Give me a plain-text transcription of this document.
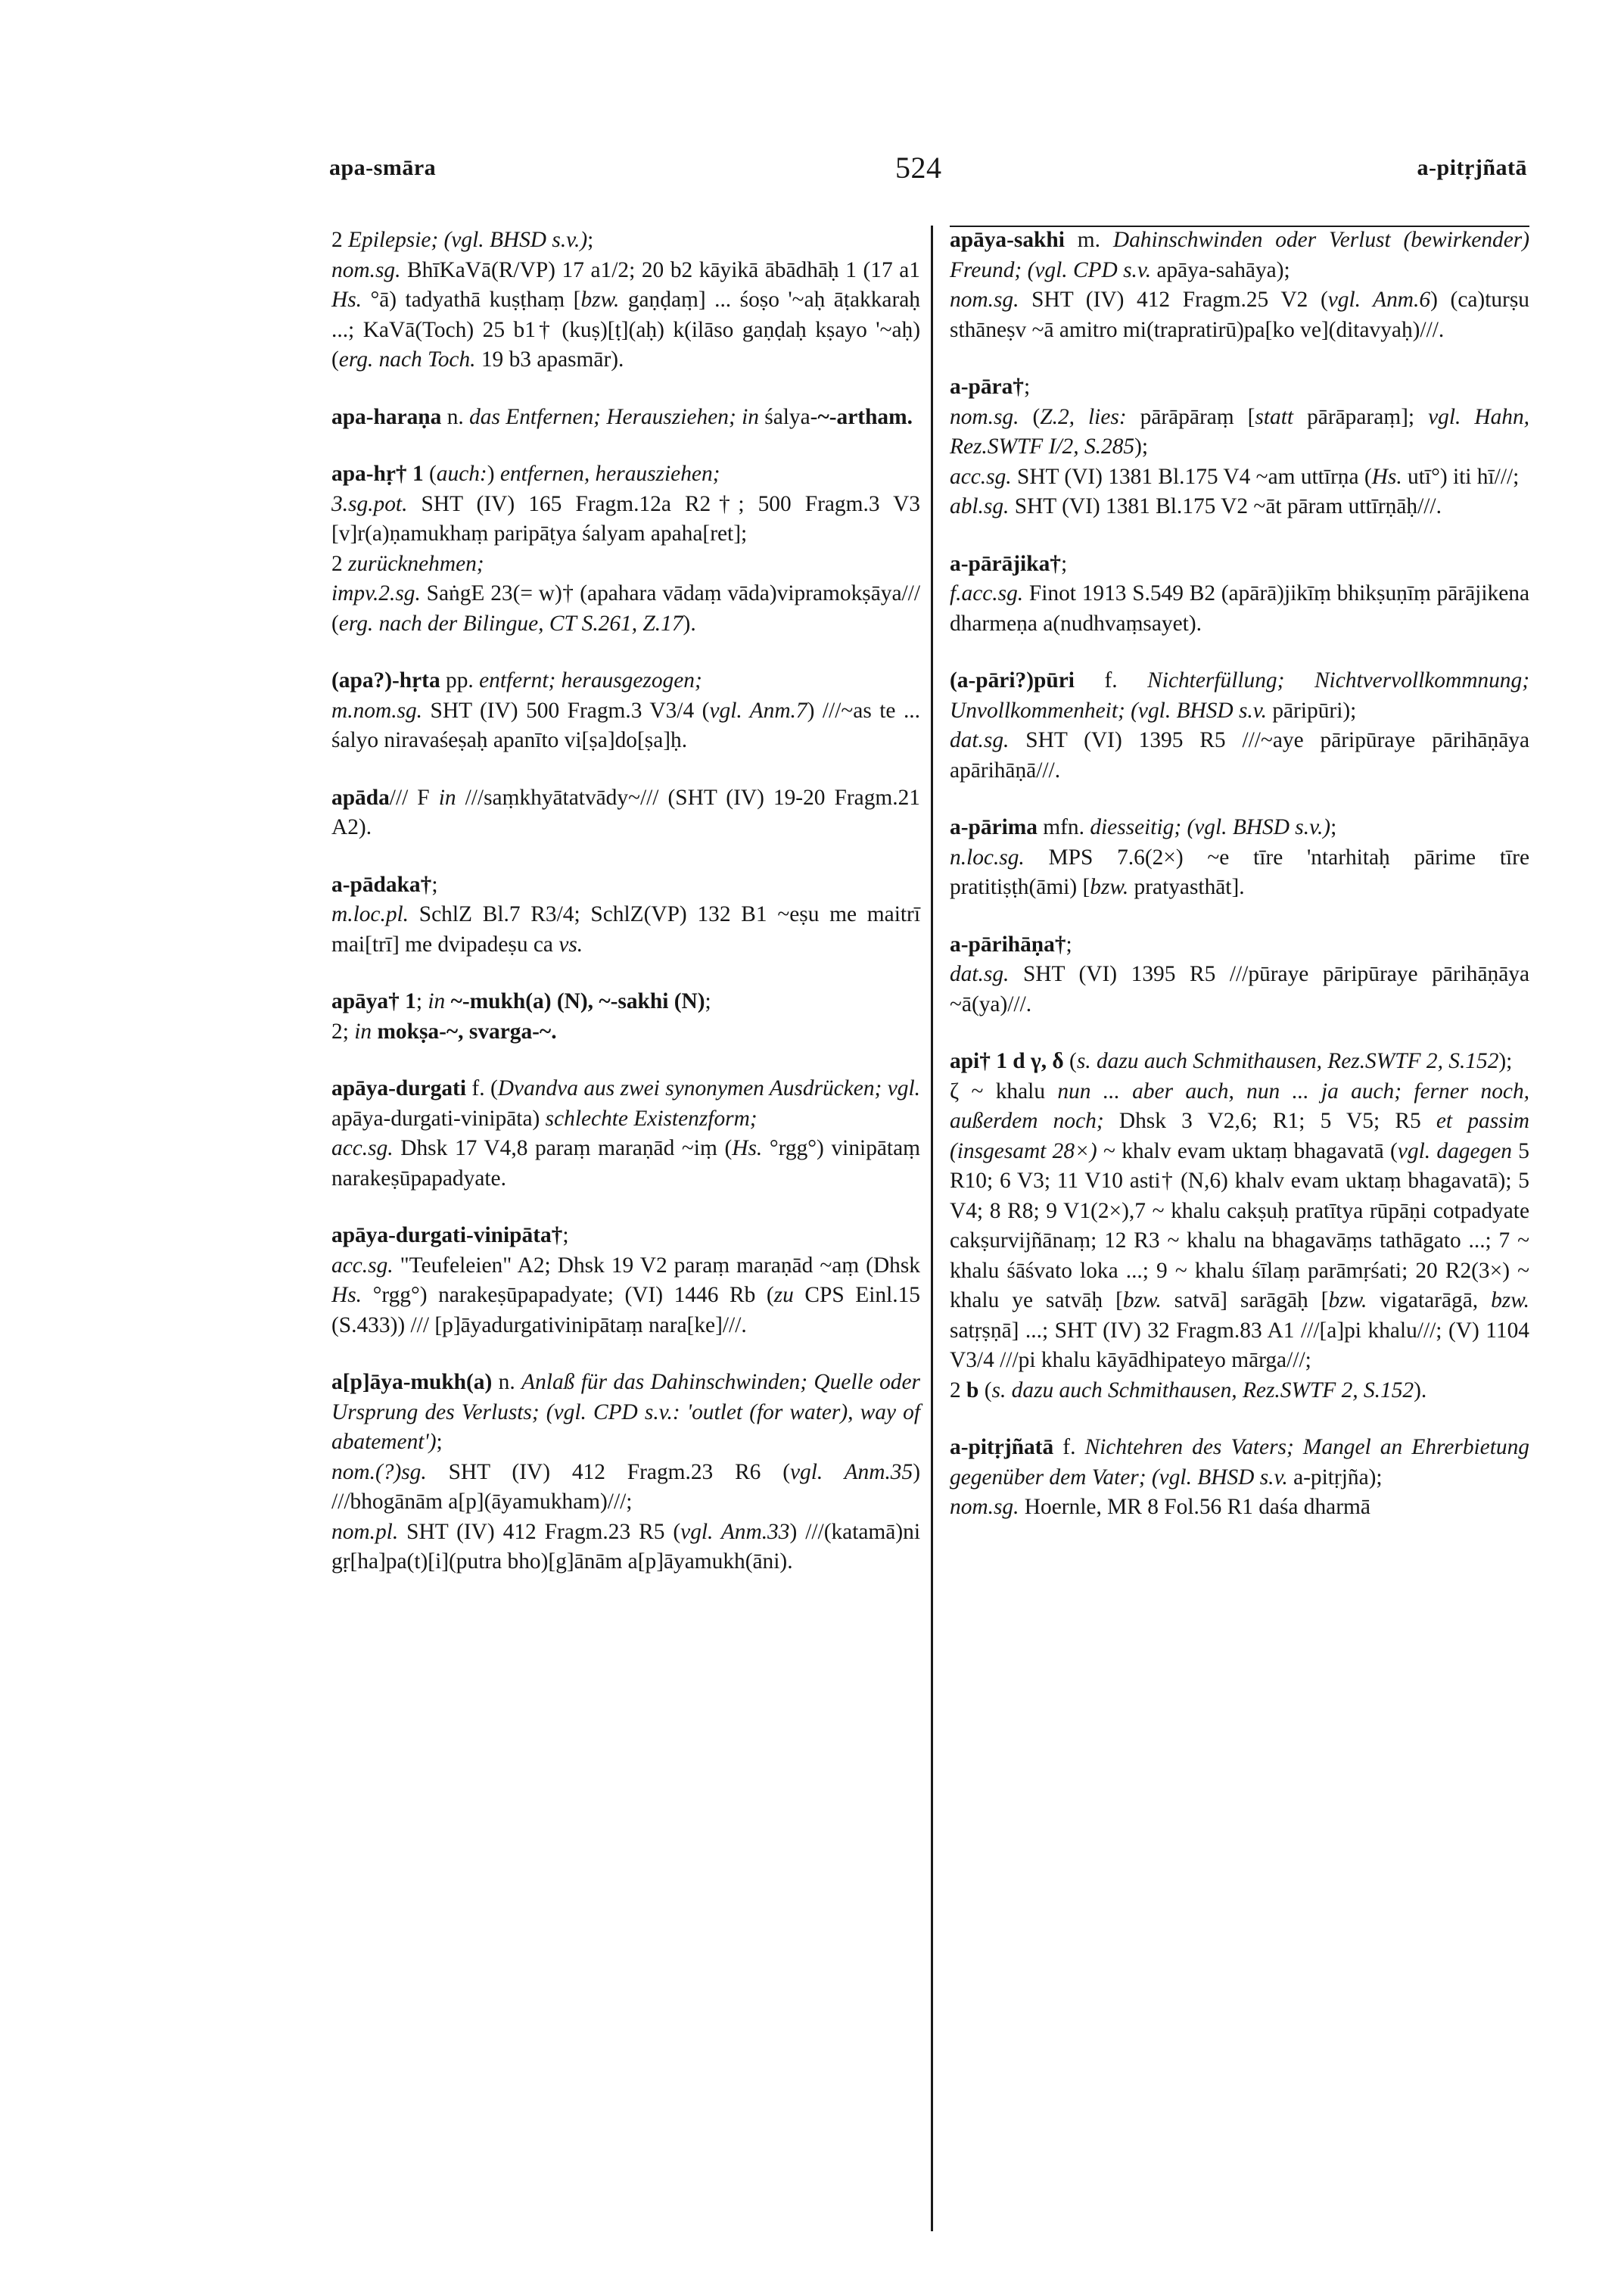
apa-smāra	524	a-pitṛjñatā

2 Epilepsie; (vgl. BHSD s.v.);

nom.sg. BhīKaVā(R/VP) 17 a1/2; 20 b2 kāyikā ābādhāḥ 1 (17 a1 Hs. °ā) tadyathā kuṣṭhaṃ [bzw. gaṇḍaṃ] ... śoṣo '~aḥ āṭakkaraḥ ...; KaVā(Toch) 25 b1† (kuṣ)[ṭ](aḥ) k(ilāso gaṇḍaḥ kṣayo '~aḥ) (erg. nach Toch. 19 b3 apasmār).

apa-haraṇa n. das Entfernen; Herausziehen; in śalya-~-artham.

apa-hṛ† 1 (auch:) entfernen, herausziehen;

3.sg.pot. SHT (IV) 165 Fragm.12a R2†; 500 Fragm.3 V3 [v]r(a)ṇamukhaṃ paripāṭya śalyam apaha[ret];

2 zurücknehmen;

impv.2.sg. SaṅgE 23(= w)† (apahara vādaṃ vāda)vipramokṣāya/// (erg. nach der Bilingue, CT S.261, Z.17).

(apa?)-hṛta pp. entfernt; herausgezogen;

m.nom.sg. SHT (IV) 500 Fragm.3 V3/4 (vgl. Anm.7) ///~as te ... śalyo niravaśeṣaḥ apanīto vi[ṣa]do[ṣa]ḥ.

apāda/// F in ///saṃkhyātatvādy~/// (SHT (IV) 19-20 Fragm.21 A2).

a-pādaka†;

m.loc.pl. SchlZ Bl.7 R3/4; SchlZ(VP) 132 B1 ~eṣu me maitrī mai[trī] me dvipadeṣu ca vs.

apāya† 1; in ~-mukh(a) (N), ~-sakhi (N);

2; in mokṣa-~, svarga-~.

apāya-durgati f. (Dvandva aus zwei synonymen Ausdrücken; vgl. apāya-durgati-vinipāta) schlechte Existenzform;

acc.sg. Dhsk 17 V4,8 paraṃ maraṇād ~iṃ (Hs. °rgg°) vinipātaṃ narakeṣūpapadyate.

apāya-durgati-vinipāta†;

acc.sg. "Teufeleien" A2; Dhsk 19 V2 paraṃ maraṇād ~aṃ (Dhsk Hs. °rgg°) narakeṣūpapadyate; (VI) 1446 Rb (zu CPS Einl.15 (S.433)) /// [p]āyadurgativinipātaṃ nara[ke]///.

a[p]āya-mukh(a) n. Anlaß für das Dahinschwinden; Quelle oder Ursprung des Verlusts; (vgl. CPD s.v.: 'outlet (for water), way of abatement');

nom.(?)sg. SHT (IV) 412 Fragm.23 R6 (vgl. Anm.35) ///bhogānām a[p](āyamukham)///;

nom.pl. SHT (IV) 412 Fragm.23 R5 (vgl. Anm.33) ///(katamā)ni gṛ[ha]pa(t)[i](putra bho)[g]ānām a[p]āyamukh(āni).

apāya-sakhi m. Dahinschwinden oder Verlust (bewirkender) Freund; (vgl. CPD s.v. apāya-sahāya);

nom.sg. SHT (IV) 412 Fragm.25 V2 (vgl. Anm.6) (ca)turṣu sthāneṣv ~ā amitro mi(trapratirū)pa[ko ve](ditavyaḥ)///.

a-pāra†;

nom.sg. (Z.2, lies: pārāpāraṃ [statt pārāparaṃ]; vgl. Hahn, Rez.SWTF I/2, S.285);

acc.sg. SHT (VI) 1381 Bl.175 V4 ~am uttīrṇa (Hs. utī°) iti hī///;

abl.sg. SHT (VI) 1381 Bl.175 V2 ~āt pāram uttīrṇāḥ///.

a-pārājika†;

f.acc.sg. Finot 1913 S.549 B2 (apārā)jikīṃ bhikṣuṇīṃ pārājikena dharmeṇa a(nudhvaṃsayet).

(a-pāri?)pūri f. Nichterfüllung; Nichtvervollkommnung; Unvollkommenheit; (vgl. BHSD s.v. pāripūri);

dat.sg. SHT (VI) 1395 R5 ///~aye pāripūraye pārihāṇāya apārihāṇā///.

a-pārima mfn. diesseitig; (vgl. BHSD s.v.);

n.loc.sg. MPS 7.6(2×) ~e tīre 'ntarhitaḥ pārime tīre pratitiṣṭh(āmi) [bzw. pratyasthāt].

a-pārihāṇa†;

dat.sg. SHT (VI) 1395 R5 ///pūraye pāripūraye pārihāṇāya ~ā(ya)///.

api† 1 d γ, δ (s. dazu auch Schmithausen, Rez.SWTF 2, S.152);

ζ ~ khalu nun ... aber auch, nun ... ja auch; ferner noch, außerdem noch; Dhsk 3 V2,6; R1; 5 V5; R5 et passim (insgesamt 28×) ~ khalv evam uktaṃ bhagavatā (vgl. dagegen 5 R10; 6 V3; 11 V10 asti† (N,6) khalv evam uktaṃ bhagavatā); 5 V4; 8 R8; 9 V1(2×),7 ~ khalu cakṣuḥ pratītya rūpāṇi cotpadyate cakṣurvijñānaṃ; 12 R3 ~ khalu na bhagavāṃs tathāgato ...; 7 ~ khalu śāśvato loka ...; 9 ~ khalu śīlaṃ parāmṛśati; 20 R2(3×) ~ khalu ye satvāḥ [bzw. satvā] sarāgāḥ [bzw. vigatarāgā, bzw. satṛṣṇā] ...; SHT (IV) 32 Fragm.83 A1 ///[a]pi khalu///; (V) 1104 V3/4 ///pi khalu kāyādhipateyo mārga///;

2 b (s. dazu auch Schmithausen, Rez.SWTF 2, S.152).

a-pitṛjñatā f. Nichtehren des Vaters; Mangel an Ehrerbietung gegenüber dem Vater; (vgl. BHSD s.v. a-pitṛjña);

nom.sg. Hoernle, MR 8 Fol.56 R1 daśa dharmā
